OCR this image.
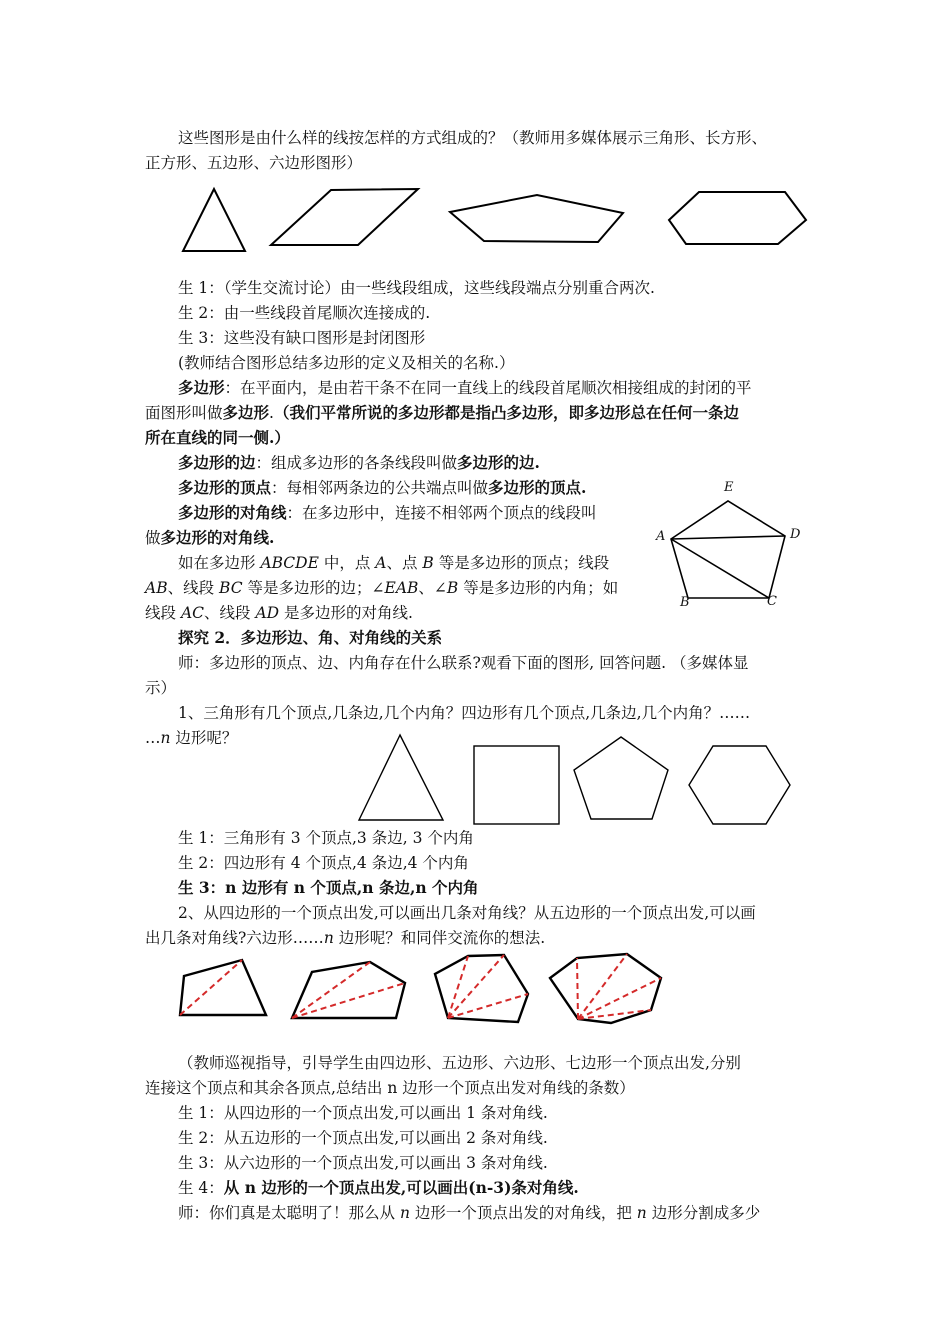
这些图形是由什么样的线按怎样的方式组成的？（教师用多媒体展示三角形、长方形、
正方形、五边形、六边形图形）
生 1：（学生交流讨论）由一些线段组成，这些线段端点分别重合两次.
生 2：由一些线段首尾顺次连接成的.
生 3：这些没有缺口图形是封闭图形
(教师结合图形总结多边形的定义及相关的名称.）
多边形：在平面内，是由若干条不在同一直线上的线段首尾顺次相接组成的封闭的平
面图形叫做多边形.（我们平常所说的多边形都是指凸多边形，即多边形总在任何一条边
所在直线的同一侧.）
多边形的边：组成多边形的各条线段叫做多边形的边.
多边形的顶点：每相邻两条边的公共端点叫做多边形的顶点.
多边形的对角线：在多边形中，连接不相邻两个顶点的线段叫
做多边形的对角线.
如在多边形 ABCDE 中，点 A、点 B 等是多边形的顶点；线段
AB、线段 BC 等是多边形的边；∠EAB、∠B 等是多边形的内角；如
线段 AC、线段 AD 是多边形的对角线.
E
A	D
B	C
探究 2．多边形边、角、对角线的关系
师：多边形的顶点、边、内角存在什么联系?观看下面的图形, 回答问题. （多媒体显
示）
1、三角形有几个顶点,几条边,几个内角？四边形有几个顶点,几条边,几个内角？……
…n 边形呢？
生 1：三角形有 3 个顶点,3 条边, 3 个内角
生 2：四边形有 4 个顶点,4 条边,4 个内角
生 3：n 边形有 n 个顶点,n 条边,n 个内角
2、从四边形的一个顶点出发,可以画出几条对角线？从五边形的一个顶点出发,可以画
出几条对角线?六边形……n 边形呢？和同伴交流你的想法.
（教师巡视指导，引导学生由四边形、五边形、六边形、七边形一个顶点出发,分别
连接这个顶点和其余各顶点,总结出 n 边形一个顶点出发对角线的条数）
生 1：从四边形的一个顶点出发,可以画出 1 条对角线.
生 2：从五边形的一个顶点出发,可以画出 2 条对角线.
生 3：从六边形的一个顶点出发,可以画出 3 条对角线.
生 4：从 n 边形的一个顶点出发,可以画出(n-3)条对角线.
师：你们真是太聪明了！那么从 n 边形一个顶点出发的对角线，把 n 边形分割成多少
